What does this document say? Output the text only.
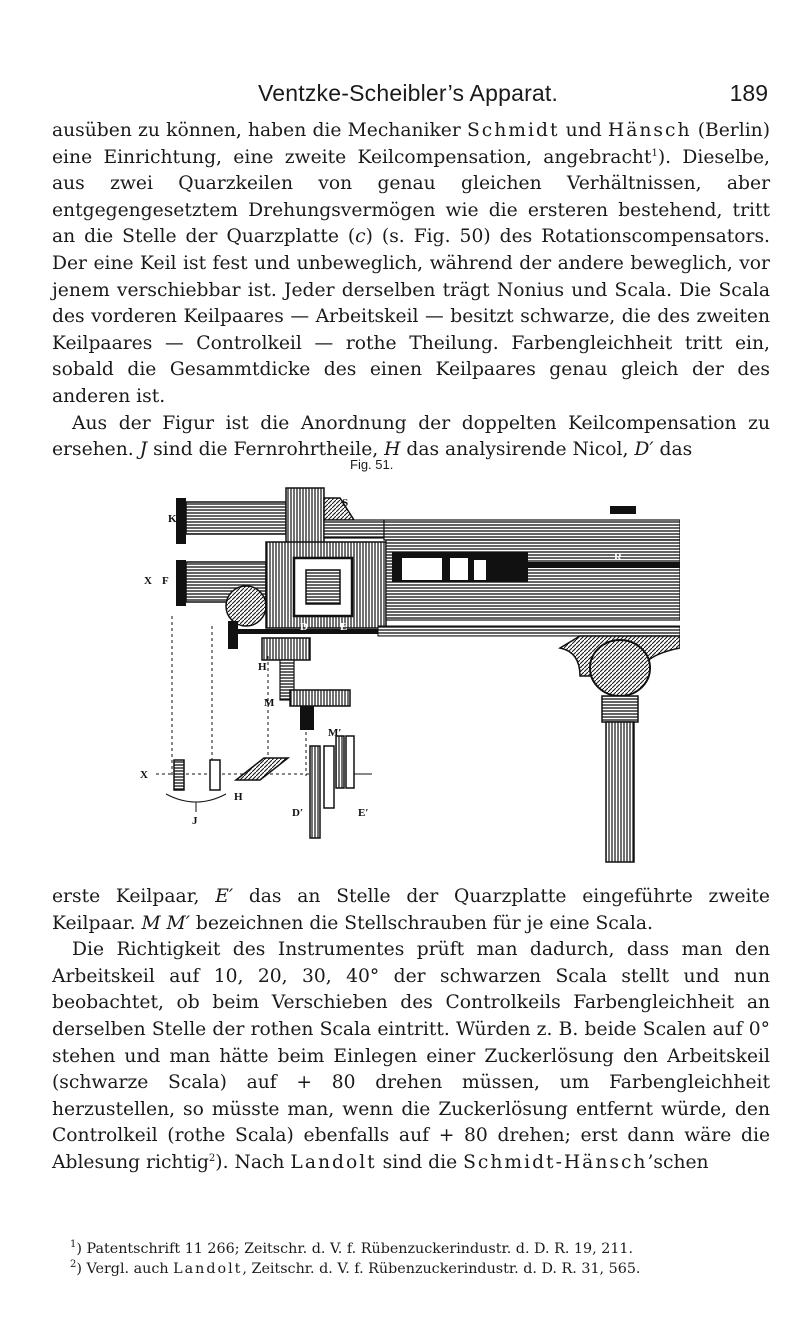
Ventzke-Scheibler’s Apparat.	189

ausüben zu können, haben die Mechaniker Schmidt und Hänsch (Berlin) eine Einrichtung, eine zweite Keilcompensation, angebracht$^1$). Dieselbe, aus zwei Quarzkeilen von genau gleichen Verhältnissen, aber entgegengesetztem Drehungsvermögen wie die ersteren bestehend, tritt an die Stelle der Quarzplatte (c) (s. Fig. 50) des Rotationscompensators. Der eine Keil ist fest und unbeweglich, während der andere beweglich, vor jenem verschiebbar ist. Jeder derselben trägt Nonius und Scala. Die Scala des vorderen Keilpaares — Arbeitskeil — besitzt schwarze, die des zweiten Keilpaares — Controlkeil — rothe Theilung. Farbengleichheit tritt ein, sobald die Gesammtdicke des einen Keilpaares genau gleich der des anderen ist.

Aus der Figur ist die Anordnung der doppelten Keilcompensation zu ersehen. J sind die Fernrohrtheile, H das analysirende Nicol, D′ das

Fig. 51.
K
S
X F
R
H
M
M′
D	E
X
J
H
D′	E′

erste Keilpaar, E′ das an Stelle der Quarzplatte eingeführte zweite Keilpaar. M M′ bezeichnen die Stellschrauben für je eine Scala.

Die Richtigkeit des Instrumentes prüft man dadurch, dass man den Arbeitskeil auf 10, 20, 30, 40° der schwarzen Scala stellt und nun beobachtet, ob beim Verschieben des Controlkeils Farbengleichheit an derselben Stelle der rothen Scala eintritt. Würden z. B. beide Scalen auf 0° stehen und man hätte beim Einlegen einer Zuckerlösung den Arbeitskeil (schwarze Scala) auf + 80 drehen müssen, um Farbengleichheit herzustellen, so müsste man, wenn die Zuckerlösung entfernt würde, den Controlkeil (rothe Scala) ebenfalls auf + 80 drehen; erst dann wäre die Ablesung richtig$^2$). Nach Landolt sind die Schmidt-Hänsch’schen

$^1$) Patentschrift 11 266; Zeitschr. d. V. f. Rübenzuckerindustr. d. D. R. 19, 211.

$^2$) Vergl. auch Landolt, Zeitschr. d. V. f. Rübenzuckerindustr. d. D. R. 31, 565.
